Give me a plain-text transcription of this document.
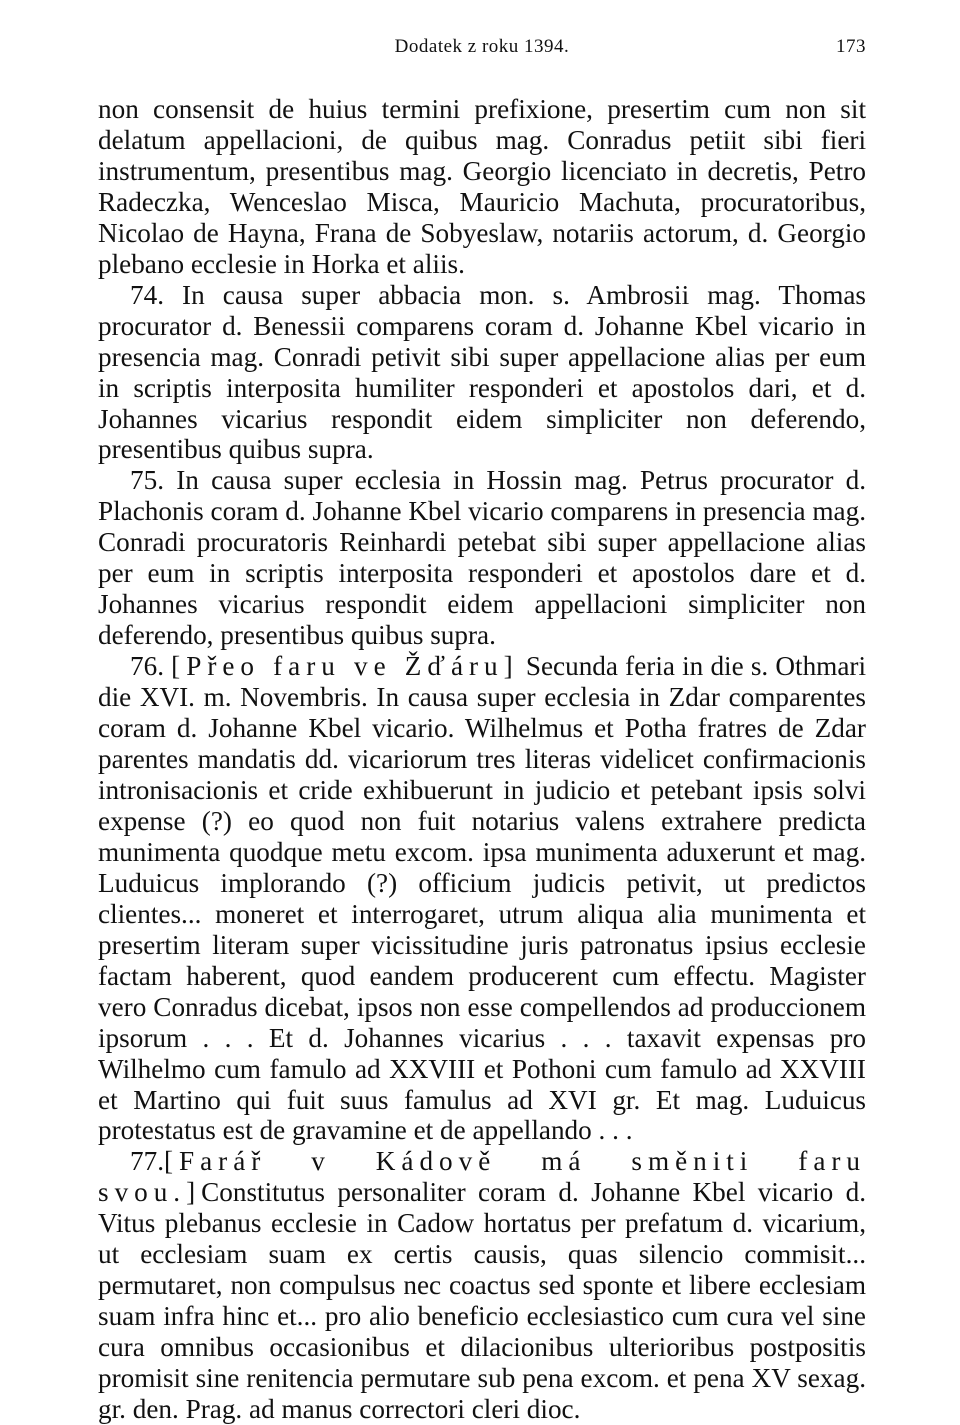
Dodatek z roku 1394.	173

non consensit de huius termini prefixione, presertim cum non sit delatum appellacioni, de quibus mag. Conradus petiit sibi fieri instrumentum, presentibus mag. Georgio licenciato in decretis, Petro Radeczka, Wenceslao Misca, Mauricio Machuta, procuratoribus, Nicolao de Hayna, Frana de Sobyeslaw, notariis actorum, d. Georgio plebano ecclesie in Horka et aliis.

74. In causa super abbacia mon. s. Ambrosii mag. Thomas procurator d. Benessii comparens coram d. Johanne Kbel vicario in presencia mag. Conradi petivit sibi super appellacione alias per eum in scriptis interposita humiliter responderi et apostolos dari, et d. Johannes vicarius respondit eidem simpliciter non deferendo, presentibus quibus supra.

75. In causa super ecclesia in Hossin mag. Petrus procurator d. Plachonis coram d. Johanne Kbel vicario comparens in presencia mag. Conradi procuratoris Reinhardi petebat sibi super appellacione alias per eum in scriptis interposita responderi et apostolos dare et d. Johannes vicarius respondit eidem appellacioni simpliciter non deferendo, presentibus quibus supra.

76. [Přeo faru ve Žďáru] Secunda feria in die s. Othmari die XVI. m. Novembris. In causa super ecclesia in Zdar comparentes coram d. Johanne Kbel vicario. Wilhelmus et Potha fratres de Zdar parentes mandatis dd. vicariorum tres literas videlicet confirmacionis intronisacionis et cride exhibuerunt in judicio et petebant ipsis solvi expense (?) eo quod non fuit notarius valens extrahere predicta munimenta quodque metu excom. ipsa munimenta aduxerunt et mag. Luduicus implorando (?) officium judicis petivit, ut predictos clientes... moneret et interrogaret, utrum aliqua alia munimenta et presertim literam super vicissitudine juris patronatus ipsius ecclesie factam haberent, quod eandem producerent cum effectu. Magister vero Conradus dicebat, ipsos non esse compellendos ad produccionem ipsorum . . . Et d. Johannes vicarius . . . taxavit expensas pro Wilhelmo cum famulo ad XXVIII et Pothoni cum famulo ad XXVIII et Martino qui fuit suus famulus ad XVI gr. Et mag. Luduicus protestatus est de gravamine et de appellando . . .

77.[Farář v Kádově má směniti faru svou.]Constitutus personaliter coram d. Johanne Kbel vicario d. Vitus plebanus ecclesie in Cadow hortatus per prefatum d. vicarium, ut ecclesiam suam ex certis causis, quas silencio commisit... permutaret, non compulsus nec coactus sed sponte et libere ecclesiam suam infra hinc et... pro alio beneficio ecclesiastico cum cura vel sine cura omnibus occasionibus et dilacionibus ulterioribus postpositis promisit sine renitencia permutare sub pena excom. et pena XV sexag. gr. den. Prag. ad manus correctori cleri dioc.
